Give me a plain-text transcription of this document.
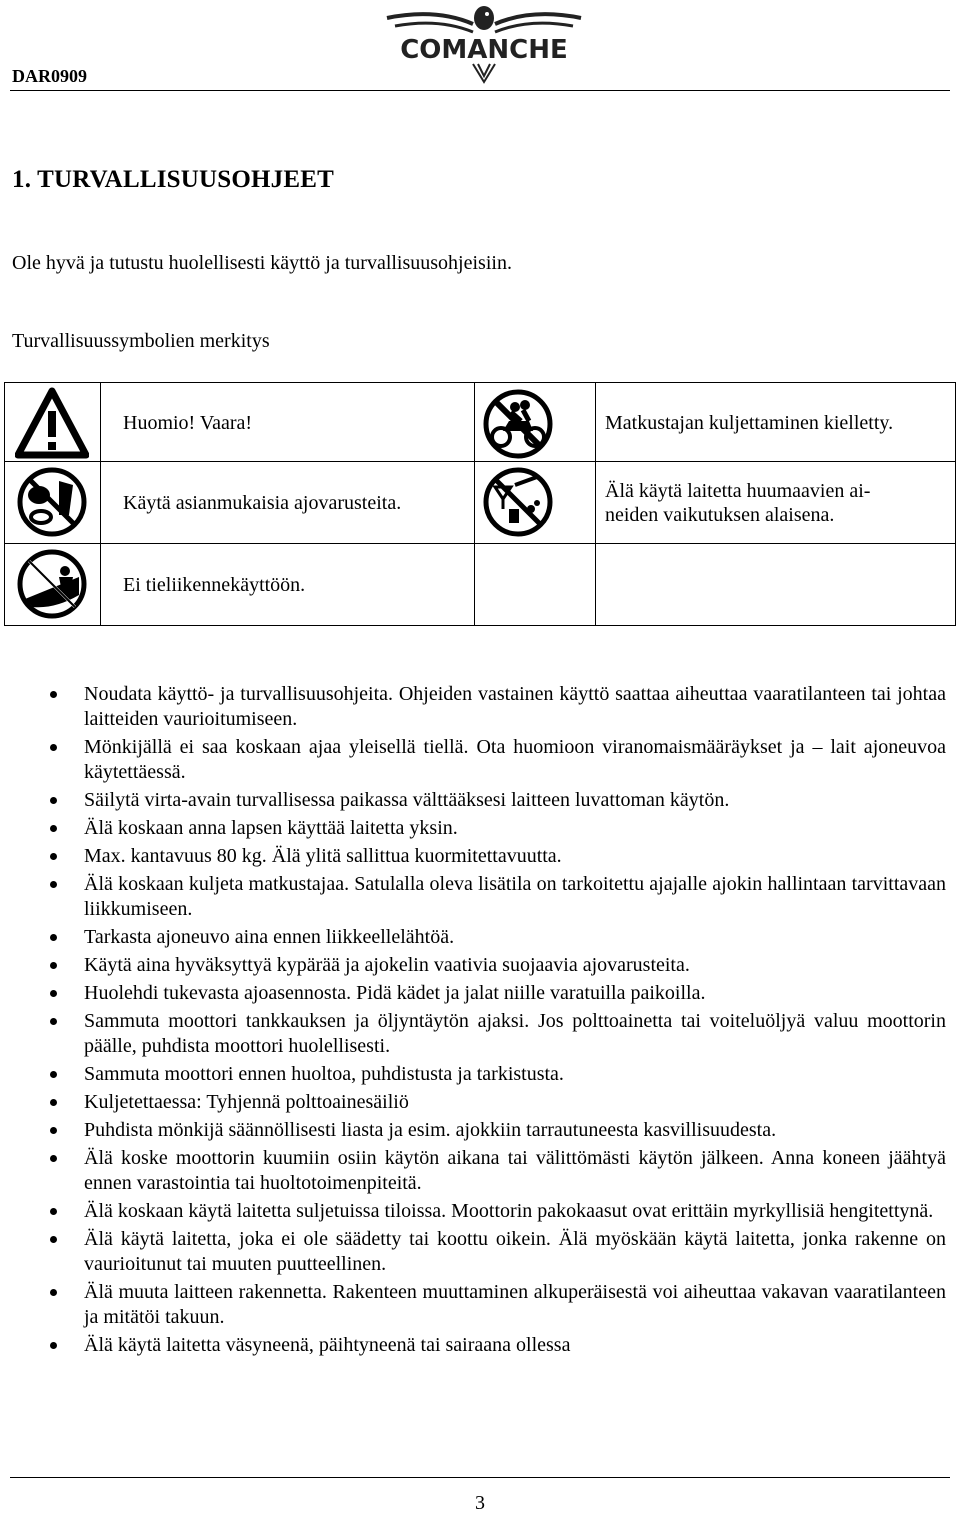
DAR0909
COMANCHE
1. TURVALLISUUSOHJEET
Ole hyvä ja tutustu huolellisesti käyttö ja turvallisuusohjeisiin.
Turvallisuussymbolien merkitys
Huomio! Vaara!	Matkustajan kuljettaminen kielletty.
Käytä asianmukaisia ajovarusteita.
Älä käytä laitetta huumaavien ai-
neiden vaikutuksen alaisena.
Ei tieliikennekäyttöön.
Noudata käyttö- ja turvallisuusohjeita. Ohjeiden vastainen käyttö saattaa aiheuttaa vaaratilanteen tai johtaa laitteiden vaurioitumiseen.
Mönkijällä ei saa koskaan ajaa yleisellä tiellä. Ota huomioon viranomaismääräykset ja – lait ajoneuvoa käytettäessä.
Säilytä virta-avain turvallisessa paikassa välttääksesi laitteen luvattoman käytön.
Älä koskaan anna lapsen käyttää laitetta yksin.
Max. kantavuus 80 kg. Älä ylitä sallittua kuormitettavuutta.
Älä koskaan kuljeta matkustajaa. Satulalla oleva lisätila on tarkoitettu ajajalle ajokin hallintaan tarvittavaan liikkumiseen.
Tarkasta ajoneuvo aina ennen liikkeellelähtöä.
Käytä aina hyväksyttyä kypärää ja ajokelin vaativia suojaavia ajovarusteita.
Huolehdi tukevasta ajoasennosta. Pidä kädet ja jalat niille varatuilla paikoilla.
Sammuta moottori tankkauksen ja öljyntäytön ajaksi. Jos polttoainetta tai voiteluöljyä valuu moottorin päälle, puhdista moottori huolellisesti.
Sammuta moottori ennen huoltoa, puhdistusta ja tarkistusta.
Kuljetettaessa: Tyhjennä polttoainesäiliö
Puhdista mönkijä säännöllisesti liasta ja esim. ajokkiin tarrautuneesta kasvillisuudesta.
Älä koske moottorin kuumiin osiin käytön aikana tai välittömästi käytön jälkeen. Anna koneen jäähtyä ennen varastointia tai huoltotoimenpiteitä.
Älä koskaan käytä laitetta suljetuissa tiloissa. Moottorin pakokaasut ovat erittäin myrkyllisiä hengitettynä.
Älä käytä laitetta, joka ei ole säädetty tai koottu oikein. Älä myöskään käytä laitetta, jonka rakenne on vaurioitunut tai muuten puutteellinen.
Älä muuta laitteen rakennetta. Rakenteen muuttaminen alkuperäisestä voi aiheuttaa vakavan vaaratilanteen ja mitätöi takuun.
Älä käytä laitetta väsyneenä, päihtyneenä tai sairaana ollessa
3
